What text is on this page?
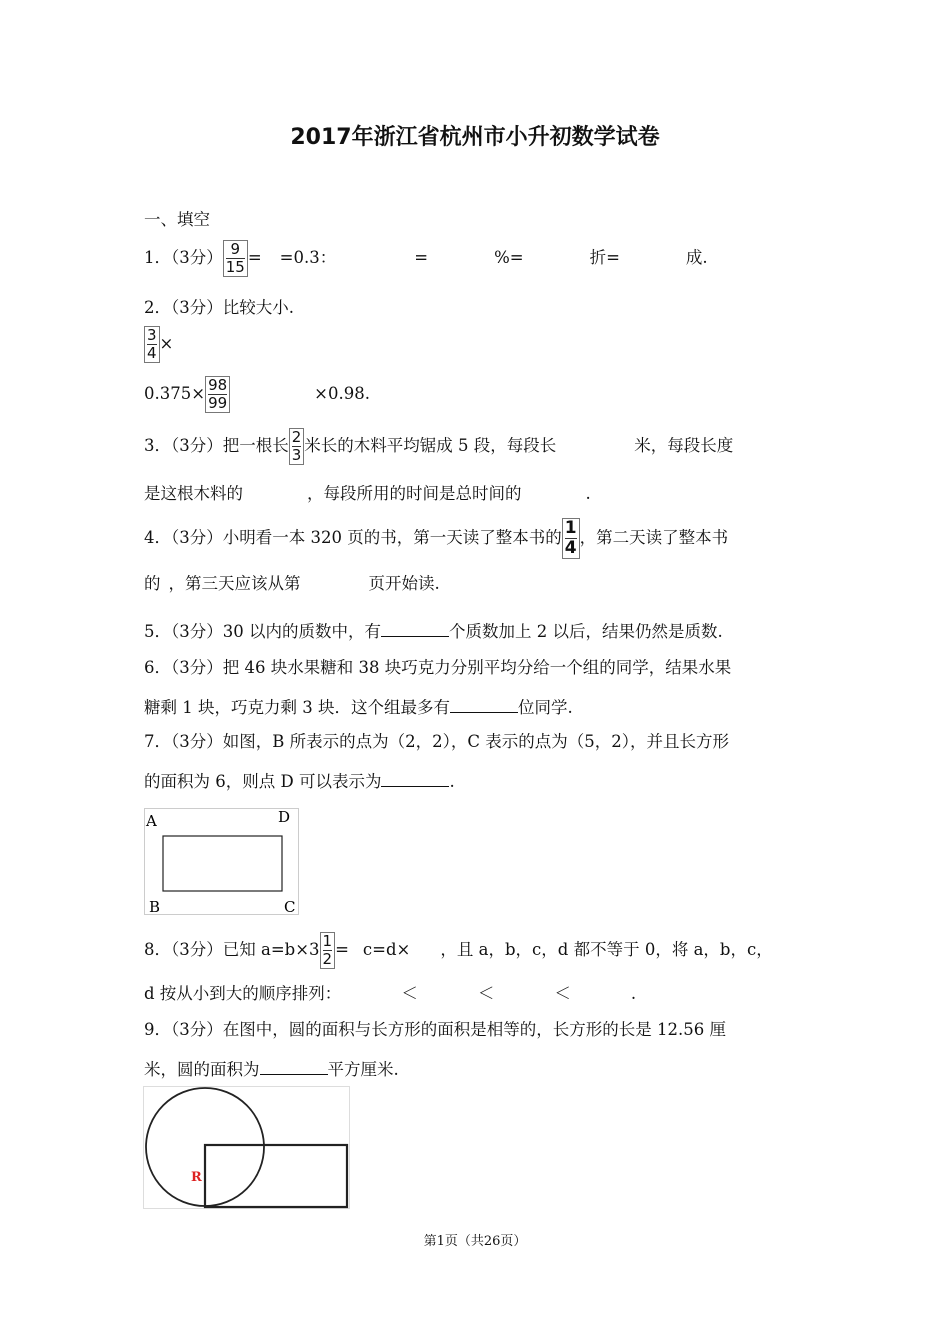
2017年浙江省杭州市小升初数学试卷
一、填空
1．（3分） $\frac{9}{15} = =0.3$：	=	%=	折=	成.
2．（3分）比较大小.
$\frac{3}{4}$ ×
$0.375\times \frac{98}{99}$	×0.98.
3．（3分）把一根长 $\frac{2}{3}$ 米长的木料平均锯成 5 段，每段长	米，每段长度
是这根木料的	，每段所用的时间是总时间的	.
4．（3分）小明看一本 320 页的书，第一天读了整本书的 $\frac{1}{4}$ ，第二天读了整本书
的 ，第三天应该从第	页开始读.
5．（3分）30 以内的质数中，有	个质数加上 2 以后，结果仍然是质数.
6．（3分）把 46 块水果糖和 38 块巧克力分别平均分给一个组的同学，结果水果
糖剩 1 块，巧克力剩 3 块．这个组最多有	位同学.
7．（3分）如图，B 所表示的点为（2，2），C 表示的点为（5，2），并且长方形
的面积为 6，则点 D 可以表示为	.
A	D
B	C
8．（3分）已知 $a=b\times 3 \frac{1}{2} = c=d\times$ ，且 a，b，c，d 都不等于 0，将 a，b，c，
d 按从小到大的顺序排列：	＜	＜	＜	.
9．（3分）在图中，圆的面积与长方形的面积是相等的，长方形的长是 12.56 厘
米，圆的面积为	平方厘米.
R
第1页（共26页）
